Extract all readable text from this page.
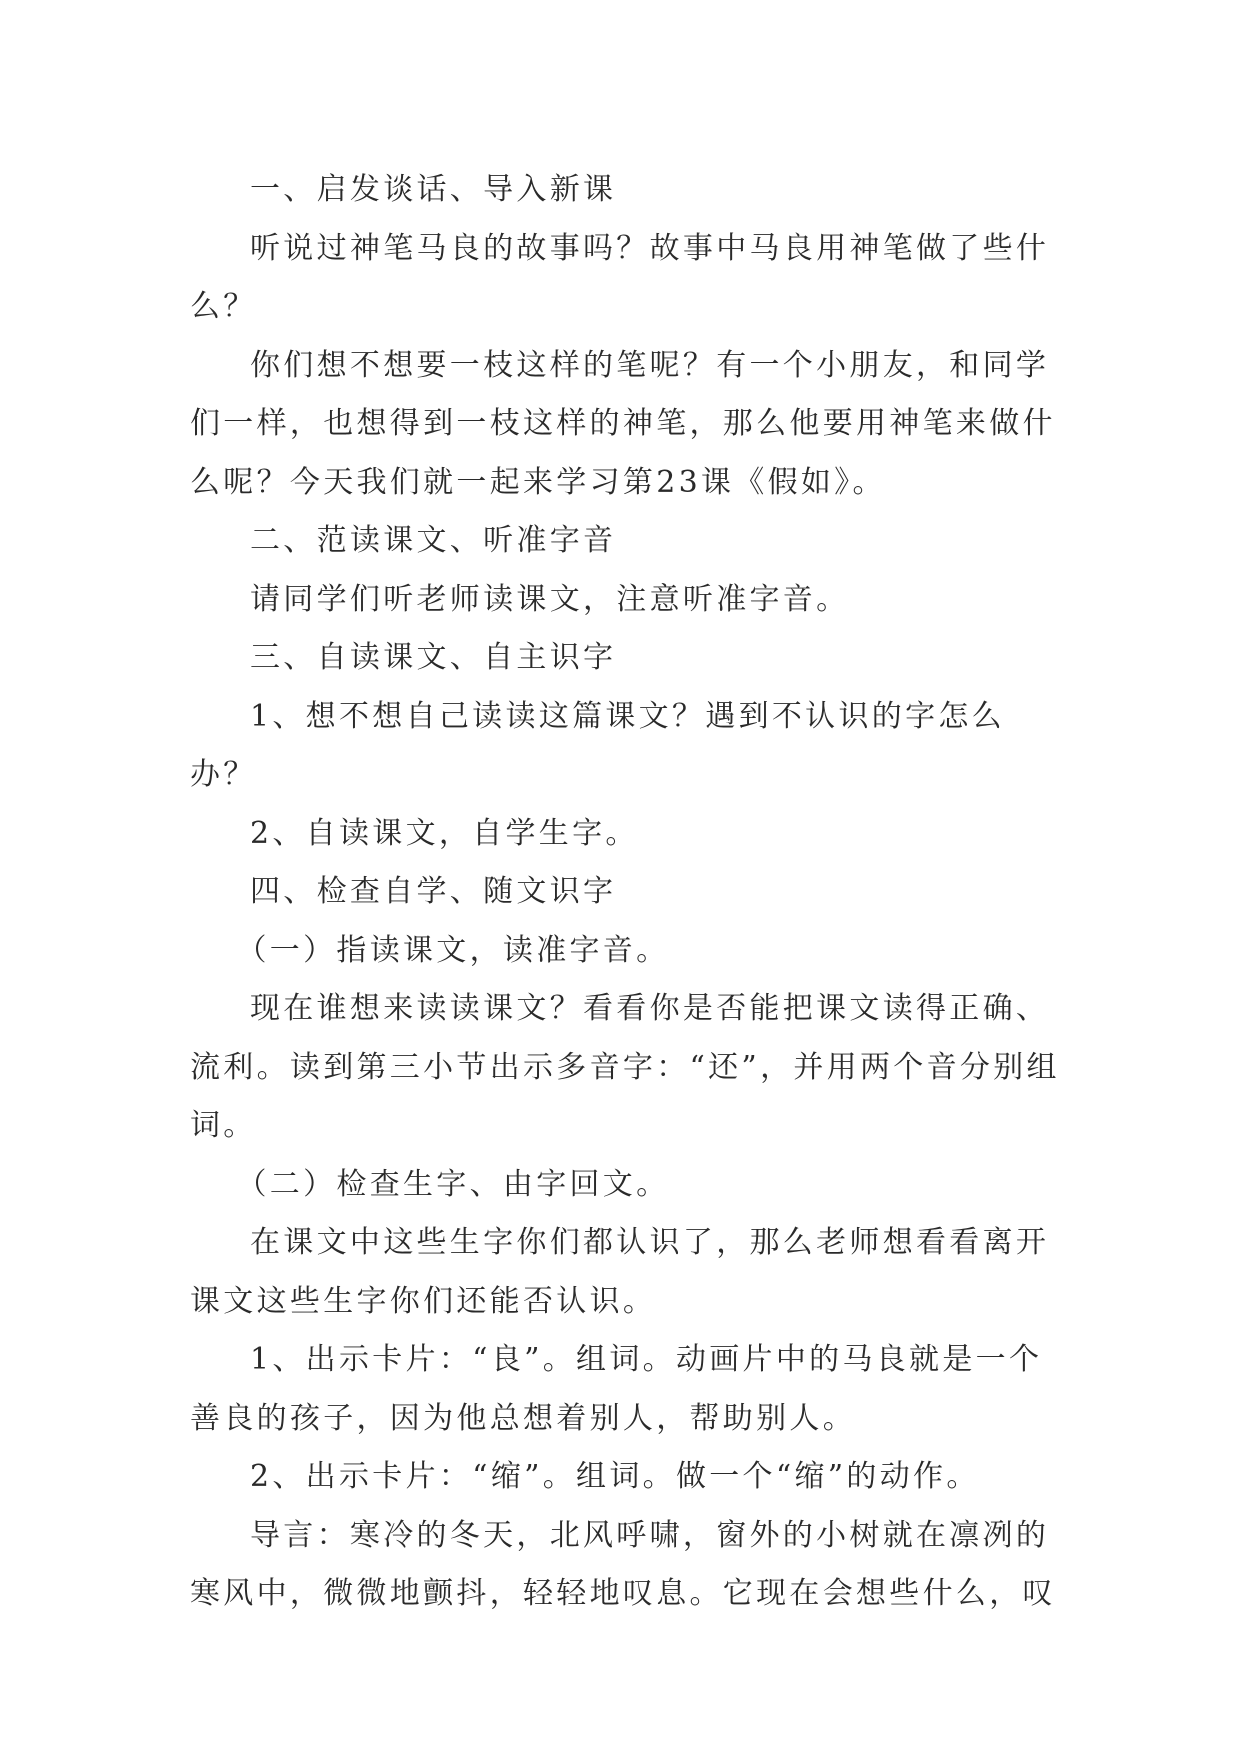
一、启发谈话、导入新课

听说过神笔马良的故事吗？故事中马良用神笔做了些什么？

你们想不想要一枝这样的笔呢？有一个小朋友，和同学们一样，也想得到一枝这样的神笔，那么他要用神笔来做什么呢？今天我们就一起来学习第23课《假如》。

二、范读课文、听准字音

请同学们听老师读课文，注意听准字音。

三、自读课文、自主识字

1、想不想自己读读这篇课文？遇到不认识的字怎么办？

2、自读课文，自学生字。

四、检查自学、随文识字

（一）指读课文，读准字音。

现在谁想来读读课文？看看你是否能把课文读得正确、流利。读到第三小节出示多音字：“还”，并用两个音分别组词。

（二）检查生字、由字回文。

在课文中这些生字你们都认识了，那么老师想看看离开课文这些生字你们还能否认识。

1、出示卡片：“良”。组词。动画片中的马良就是一个善良的孩子，因为他总想着别人，帮助别人。

2、出示卡片：“缩”。组词。做一个“缩”的动作。

导言：寒冷的冬天，北风呼啸，窗外的小树就在凛冽的寒风中，微微地颤抖，轻轻地叹息。它现在会想些什么，叹
